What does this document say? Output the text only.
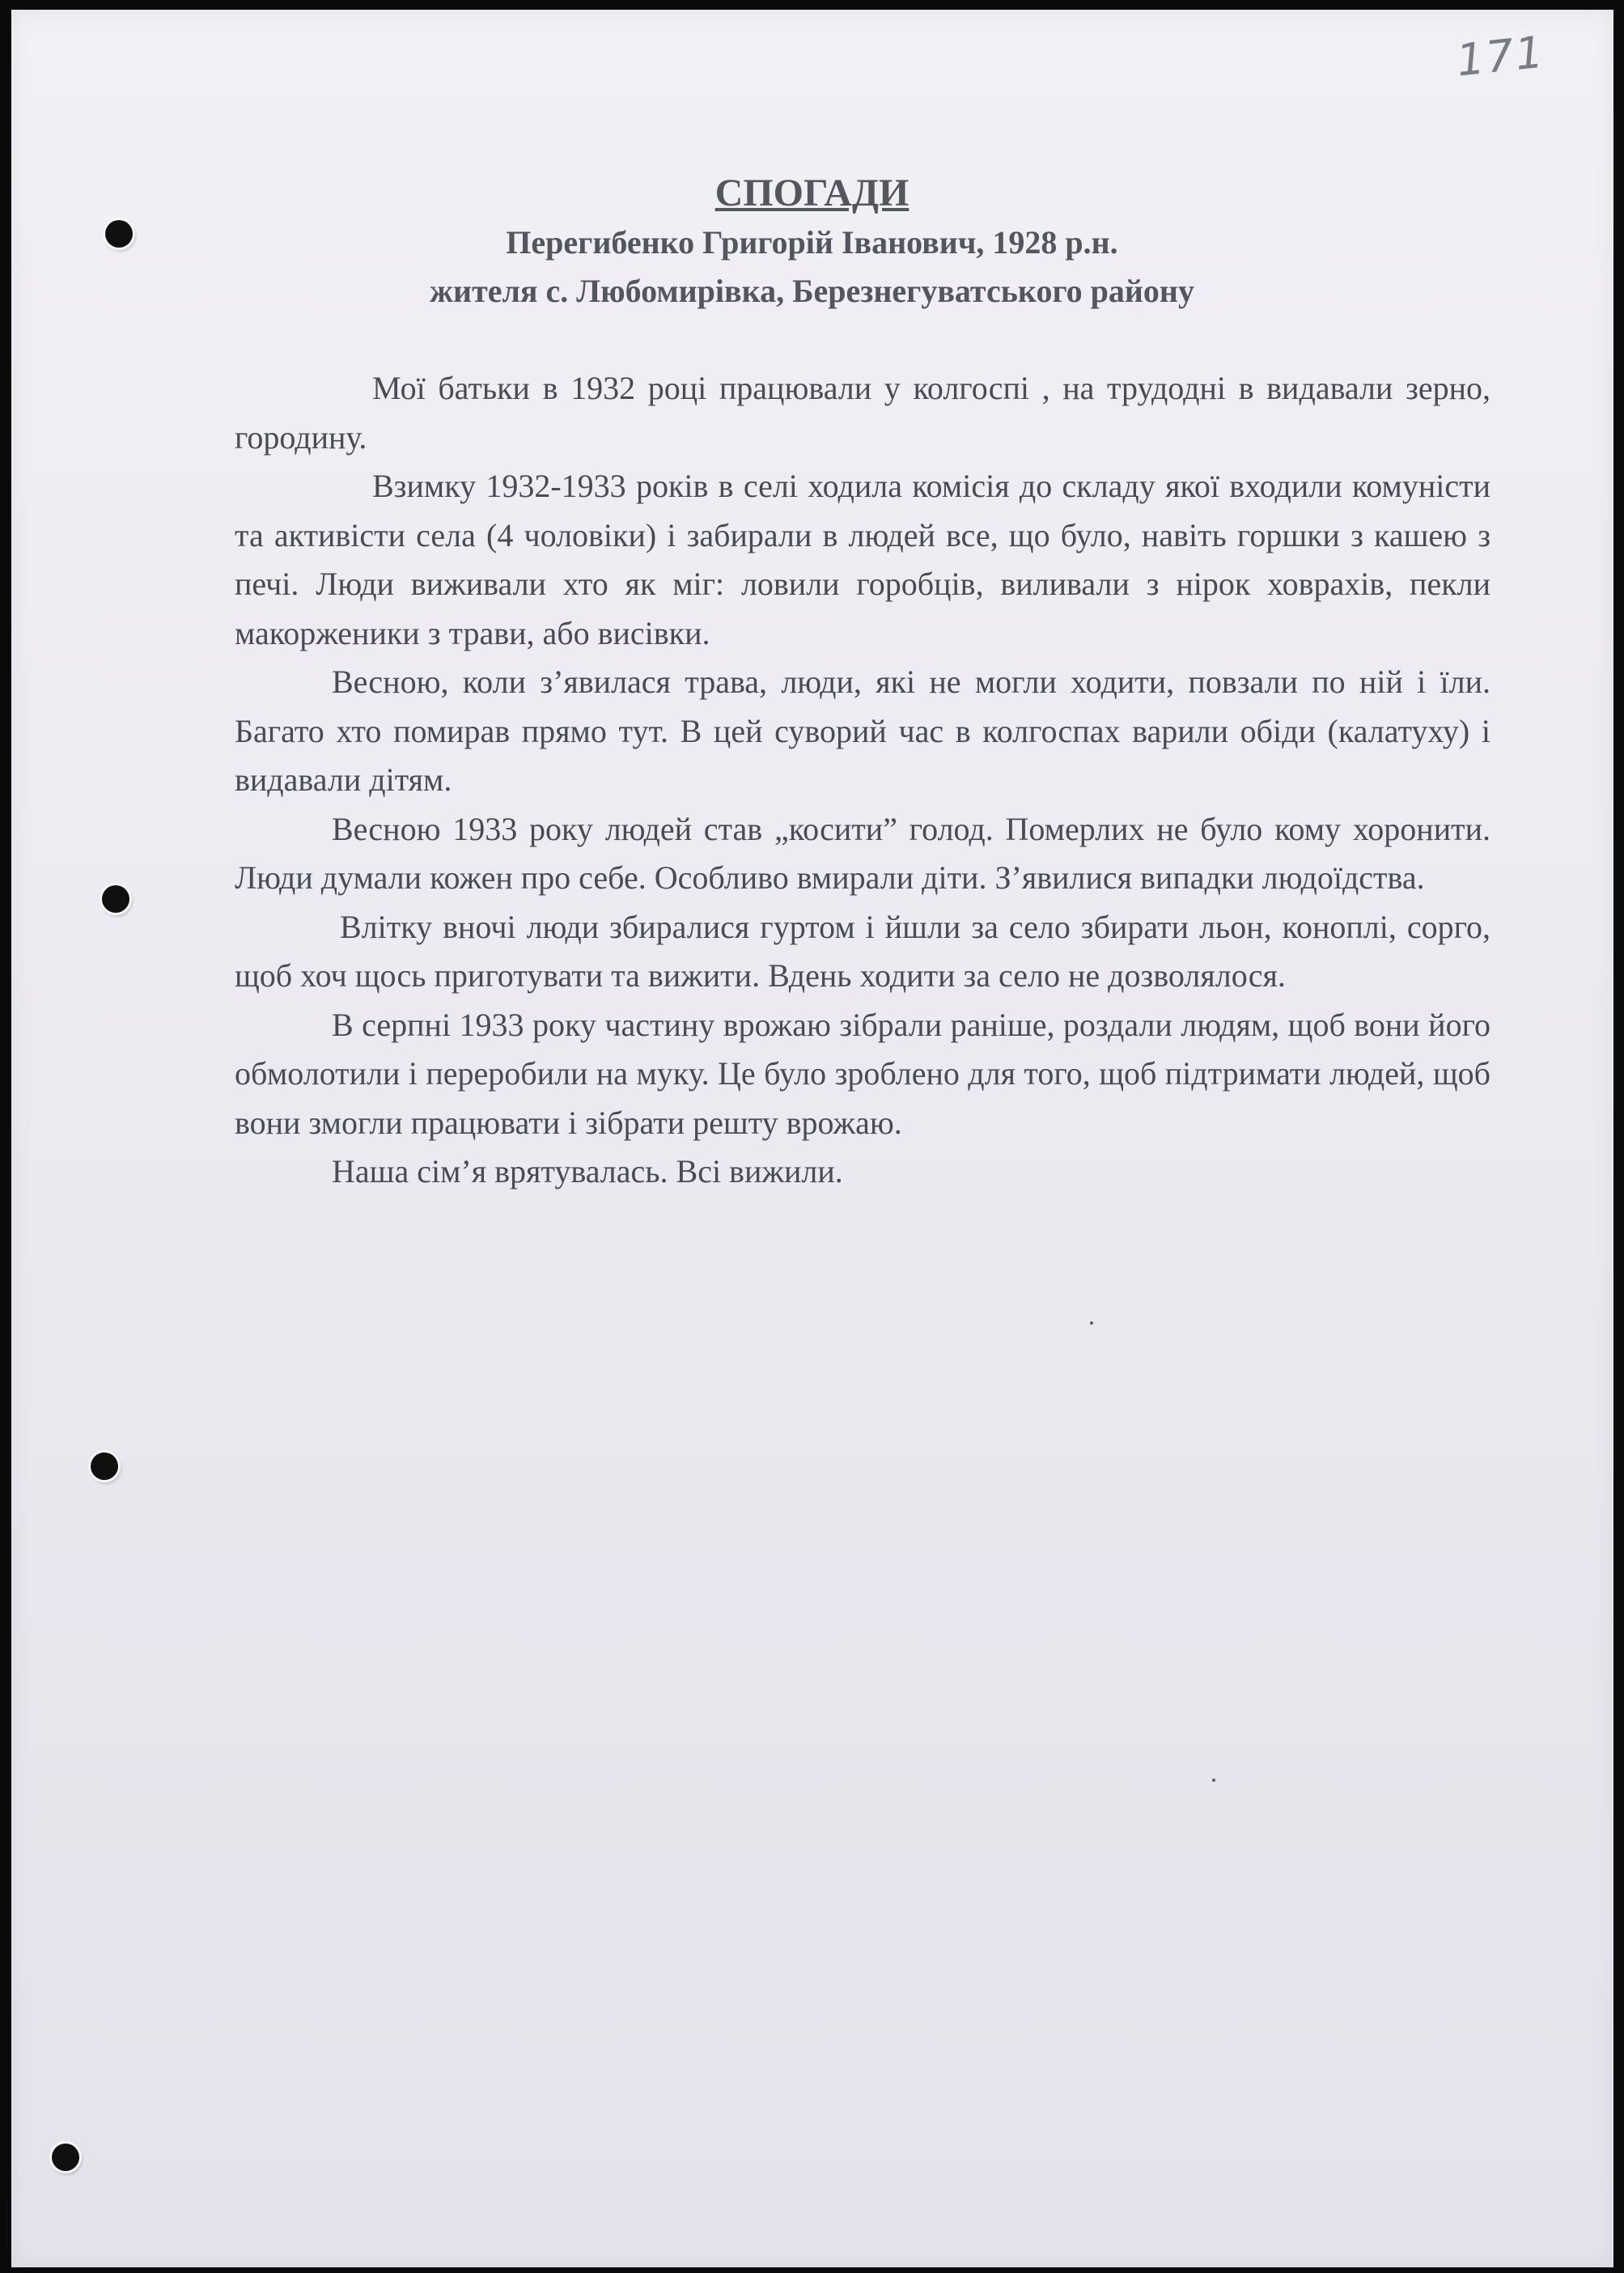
171
СПОГАДИ
Перегибенко Григорій Іванович, 1928 р.н.
жителя с. Любомирівка, Березнегуватського району

Мої батьки в 1932 році працювали у колгоспі , на трудодні в видавали зерно, городину.

Взимку 1932-1933 років в селі ходила комісія до складу якої входили комуністи та активісти села (4 чоловіки) і забирали в людей все, що було, навіть горшки з кашею з печі. Люди виживали хто як міг: ловили горобців, виливали з нірок ховрахів, пекли макорженики з трави, або висівки.

Весною, коли з’явилася трава, люди, які не могли ходити, повзали по ній і їли. Багато хто помирав прямо тут. В цей суворий час в колгоспах варили обіди (калатуху) і видавали дітям.

Весною 1933 року людей став „косити” голод. Померлих не було кому хоронити. Люди думали кожен про себе. Особливо вмирали діти. З’явилися випадки людоїдства.

Влітку вночі люди збиралися гуртом і йшли за село збирати льон, коноплі, сорго, щоб хоч щось приготувати та вижити. Вдень ходити за село не дозволялося.

В серпні 1933 року частину врожаю зібрали раніше, роздали людям, щоб вони його обмолотили і переробили на муку. Це було зроблено для того, щоб підтримати людей, щоб вони змогли працювати і зібрати решту врожаю.

Наша сім’я врятувалась. Всі вижили.
